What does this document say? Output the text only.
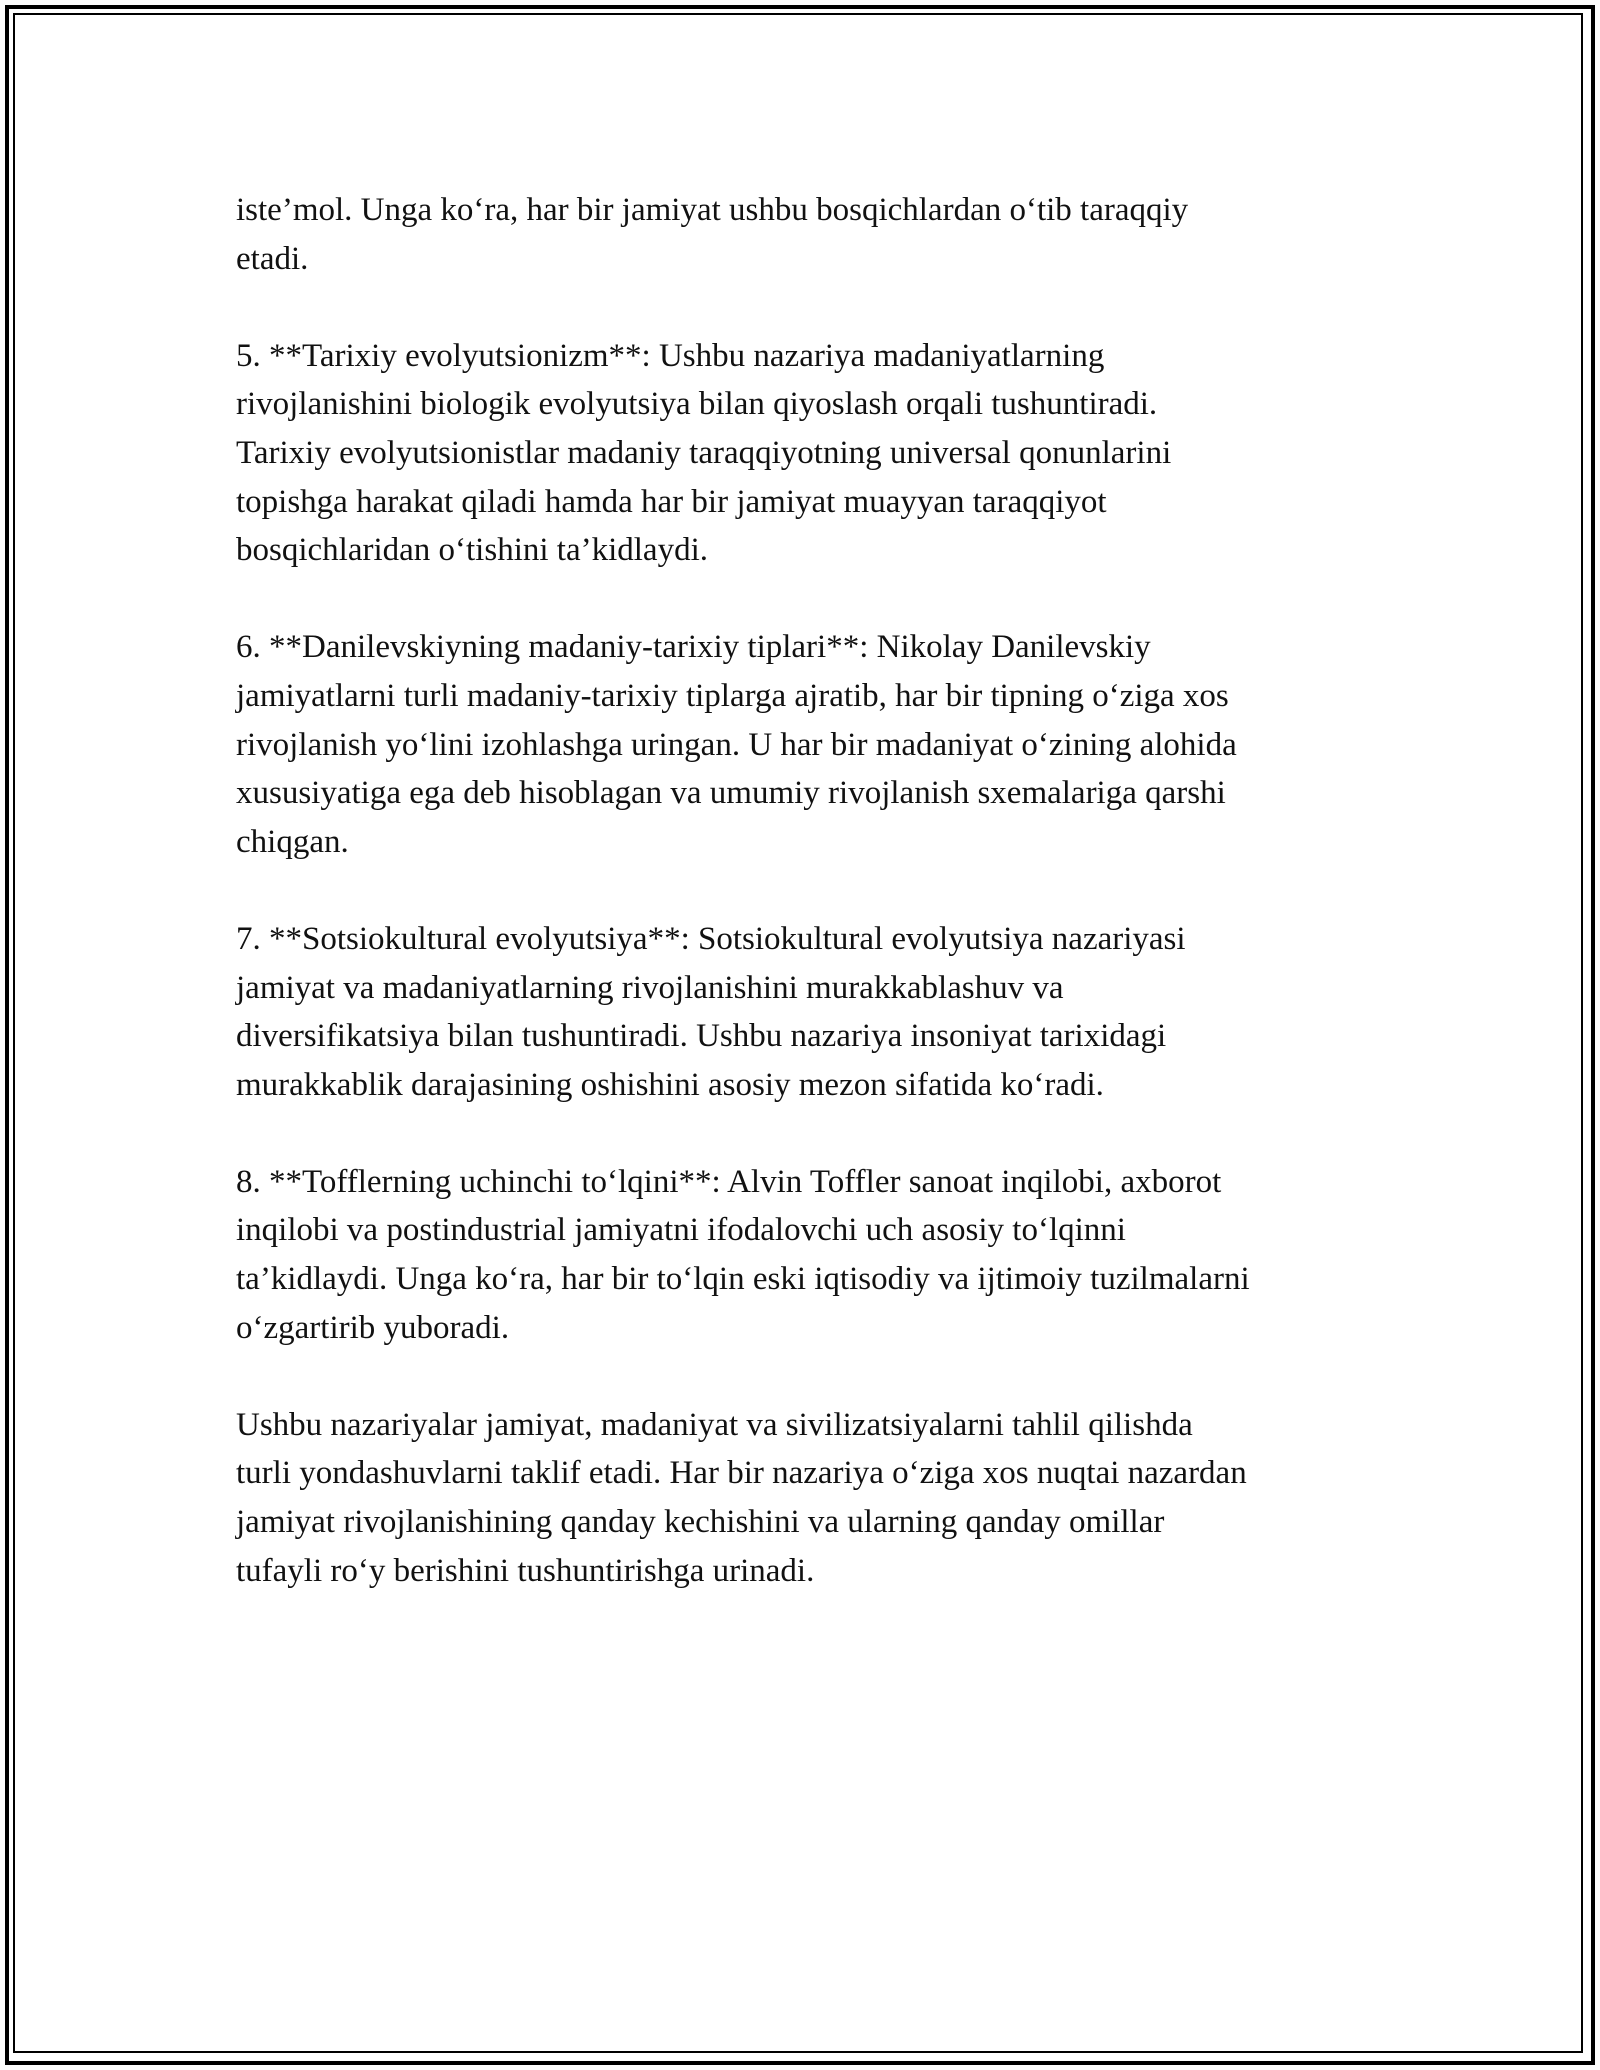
iste’mol. Unga ko‘ra, har bir jamiyat ushbu bosqichlardan o‘tib taraqqiy
etadi.

5. **Tarixiy evolyutsionizm**: Ushbu nazariya madaniyatlarning
rivojlanishini biologik evolyutsiya bilan qiyoslash orqali tushuntiradi.
Tarixiy evolyutsionistlar madaniy taraqqiyotning universal qonunlarini
topishga harakat qiladi hamda har bir jamiyat muayyan taraqqiyot
bosqichlaridan o‘tishini ta’kidlaydi.

6. **Danilevskiyning madaniy-tarixiy tiplari**: Nikolay Danilevskiy
jamiyatlarni turli madaniy-tarixiy tiplarga ajratib, har bir tipning o‘ziga xos
rivojlanish yo‘lini izohlashga uringan. U har bir madaniyat o‘zining alohida
xususiyatiga ega deb hisoblagan va umumiy rivojlanish sxemalariga qarshi
chiqgan.

7. **Sotsiokultural evolyutsiya**: Sotsiokultural evolyutsiya nazariyasi
jamiyat va madaniyatlarning rivojlanishini murakkablashuv va
diversifikatsiya bilan tushuntiradi. Ushbu nazariya insoniyat tarixidagi
murakkablik darajasining oshishini asosiy mezon sifatida ko‘radi.

8. **Tofflerning uchinchi to‘lqini**: Alvin Toffler sanoat inqilobi, axborot
inqilobi va postindustrial jamiyatni ifodalovchi uch asosiy to‘lqinni
ta’kidlaydi. Unga ko‘ra, har bir to‘lqin eski iqtisodiy va ijtimoiy tuzilmalarni
o‘zgartirib yuboradi.

Ushbu nazariyalar jamiyat, madaniyat va sivilizatsiyalarni tahlil qilishda
turli yondashuvlarni taklif etadi. Har bir nazariya o‘ziga xos nuqtai nazardan
jamiyat rivojlanishining qanday kechishini va ularning qanday omillar
tufayli ro‘y berishini tushuntirishga urinadi.
